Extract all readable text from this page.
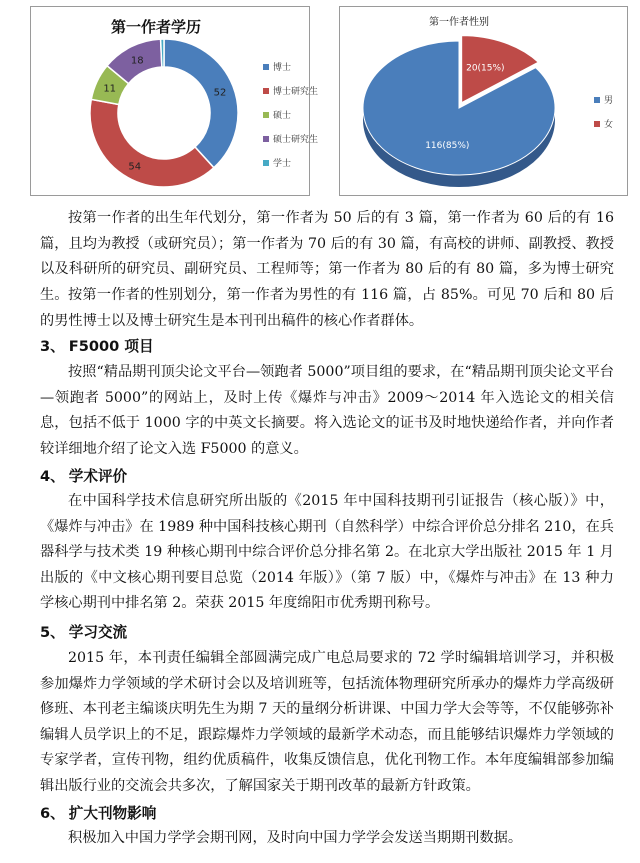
第一作者学历
52
54
11
18
博士
博士研究生
硕士
硕士研究生
学士
第一作者性别
116(85%)
20(15%)
男
女

按第一作者的出生年代划分，第一作者为 50 后的有 3 篇，第一作者为 60 后的有 16 篇，且均为教授（或研究员）；第一作者为 70 后的有 30 篇，有高校的讲师、副教授、教授以及科研所的研究员、副研究员、工程师等；第一作者为 80 后的有 80 篇，多为博士研究生。 按第一作者的性别划分，第一作者为男性的有 116 篇，占 85%。可见 70 后和 80 后的男性博士以及博士研究生是本刊刊出稿件的核心作者群体。

3、 F5000 项目

按照“精品期刊顶尖论文平台—领跑者 5000”项目组的要求，在“精品期刊顶尖论文平台—领跑者 5000”的网站上，及时上传《爆炸与冲击》2009～2014 年入选论文的相关信息，包括不低于 1000 字的中英文长摘要。将入选论文的证书及时地快递给作者，并向作者较详细地介绍了论文入选 F5000 的意义。

4、 学术评价

在中国科学技术信息研究所出版的《2015 年中国科技期刊引证报告（核心版）》中，《爆炸与冲击》在 1989 种中国科技核心期刊（自然科学）中综合评价总分排名 210，在兵器科学与技术类 19 种核心期刊中综合评价总分排名第 2。在北京大学出版社 2015 年 1 月出版的《中文核心期刊要目总览（2014 年版）》（第 7 版）中，《爆炸与冲击》在 13 种力学核心期刊中排名第 2。荣获 2015 年度绵阳市优秀期刊称号。

5、 学习交流

2015 年，本刊责任编辑全部圆满完成广电总局要求的 72 学时编辑培训学习，并积极参加爆炸力学领域的学术研讨会以及培训班等，包括流体物理研究所承办的爆炸力学高级研修班、本刊老主编谈庆明先生为期 7 天的量纲分析讲课、中国力学大会等等，不仅能够弥补编辑人员学识上的不足，跟踪爆炸力学领域的最新学术动态，而且能够结识爆炸力学领域的专家学者，宣传刊物，组约优质稿件，收集反馈信息，优化刊物工作。本年度编辑部参加编辑出版行业的交流会共多次，了解国家关于期刊改革的最新方针政策。

6、 扩大刊物影响

积极加入中国力学学会期刊网，及时向中国力学学会发送当期期刊数据。
